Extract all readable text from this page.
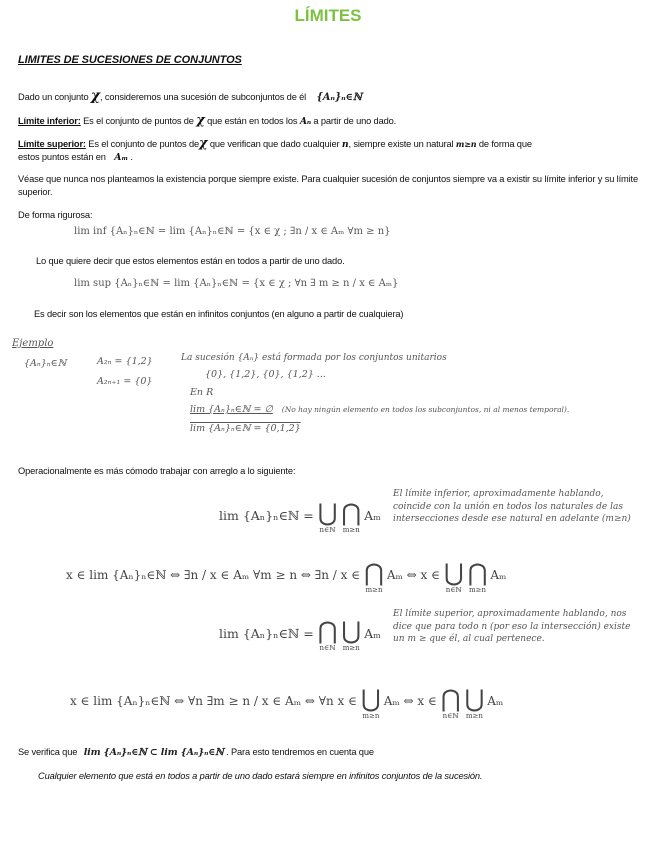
LÍMITES
LIMITES DE SUCESIONES DE CONJUNTOS
Dado un conjunto χ, consideremos una sucesión de subconjuntos de él {Aₙ}ₙ∈ℕ
Límite inferior: Es el conjunto de puntos de χ que están en todos los Aₙ a partir de uno dado.
Límite superior: Es el conjunto de puntos deχ que verifican que dado cualquier n, siempre existe un natural m≥n de forma que
estos puntos están en Aₘ .
Véase que nunca nos planteamos la existencia porque siempre existe. Para cualquier sucesión de conjuntos siempre va a existir su límite inferior y su límite superior.
De forma rigurosa:
lim inf {Aₙ}ₙ∈ℕ = lim {Aₙ}ₙ∈ℕ = {x ∈ χ ; ∃n / x ∈ Aₘ ∀m ≥ n}
Lo que quiere decir que estos elementos están en todos a partir de uno dado.
lim sup {Aₙ}ₙ∈ℕ = lim {Aₙ}ₙ∈ℕ = {x ∈ χ ; ∀n ∃ m ≥ n / x ∈ Aₘ}
Es decir son los elementos que están en infinitos conjuntos (en alguno a partir de cualquiera)
Ejemplo
{Aₙ}ₙ∈ℕ	A₂ₙ = {1,2}
A₂ₙ₊₁ = {0}
La sucesión {Aₙ} está formada por los conjuntos unitarios
{0}, {1,2}, {0}, {1,2} ...
En R
lim {Aₙ}ₙ∈ℕ = ∅ (No hay ningún elemento en todos los subconjuntos, ni al menos temporal).
lim {Aₙ}ₙ∈ℕ = {0,1,2}
Operacionalmente es más cómodo trabajar con arreglo a lo siguiente:
lim {Aₙ}ₙ∈ℕ = ⋃
n∈ℕ
⋂
m≥n
Aₘ
El límite inferior, aproximadamente hablando, coincide con la unión en todos los naturales de las intersecciones desde ese natural en adelante (m≥n)
x ∈ lim {Aₙ}ₙ∈ℕ ⇔ ∃n / x ∈ Aₘ ∀m ≥ n ⇔ ∃n / x ∈ ⋂
m≥n
Aₘ ⇔ x ∈ ⋃
n∈ℕ
⋂
m≥n
Aₘ
lim {Aₙ}ₙ∈ℕ = ⋂
n∈ℕ
⋃
m≥n
Aₘ
El límite superior, aproximadamente hablando, nos dice que para todo n (por eso la intersección) existe un m ≥ que él, al cual pertenece.
x ∈ lim {Aₙ}ₙ∈ℕ ⇔ ∀n ∃m ≥ n / x ∈ Aₘ ⇔ ∀n x ∈ ⋃
m≥n
Aₘ ⇔ x ∈ ⋂
n∈ℕ
⋃
m≥n
Aₘ
Se verifica que lim {Aₙ}ₙ∈ℕ ⊂ lim {Aₙ}ₙ∈ℕ . Para esto tendremos en cuenta que
Cualquier elemento que está en todos a partir de uno dado estará siempre en infinitos conjuntos de la sucesión.
